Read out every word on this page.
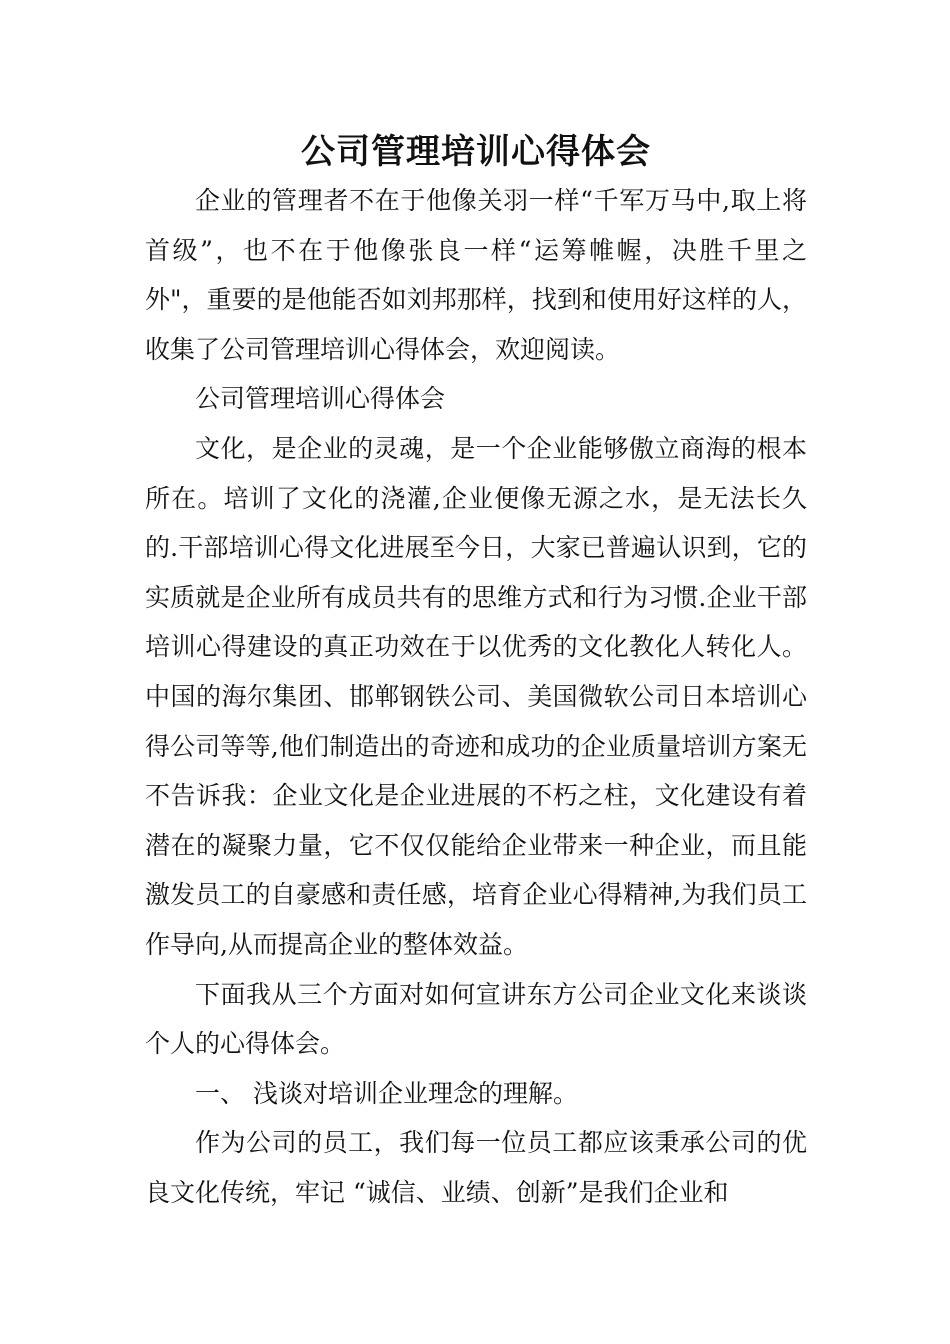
公司管理培训心得体会

企业的管理者不在于他像关羽一样“千军万马中,取上将首级”，也不在于他像张良一样“运筹帷幄，决胜千里之外"，重要的是他能否如刘邦那样，找到和使用好这样的人，收集了公司管理培训心得体会，欢迎阅读。

公司管理培训心得体会

文化，是企业的灵魂，是一个企业能够傲立商海的根本所在。培训了文化的浇灌,企业便像无源之水，是无法长久的.干部培训心得文化进展至今日，大家已普遍认识到，它的实质就是企业所有成员共有的思维方式和行为习惯.企业干部培训心得建设的真正功效在于以优秀的文化教化人转化人。中国的海尔集团、邯郸钢铁公司、美国微软公司日本培训心得公司等等,他们制造出的奇迹和成功的企业质量培训方案无不告诉我：企业文化是企业进展的不朽之柱，文化建设有着潜在的凝聚力量，它不仅仅能给企业带来一种企业，而且能激发员工的自豪感和责任感，培育企业心得精神,为我们员工作导向,从而提高企业的整体效益。

下面我从三个方面对如何宣讲东方公司企业文化来谈谈个人的心得体会。

一、 浅谈对培训企业理念的理解。

作为公司的员工，我们每一位员工都应该秉承公司的优良文化传统，牢记 “诚信、业绩、创新”是我们企业和
